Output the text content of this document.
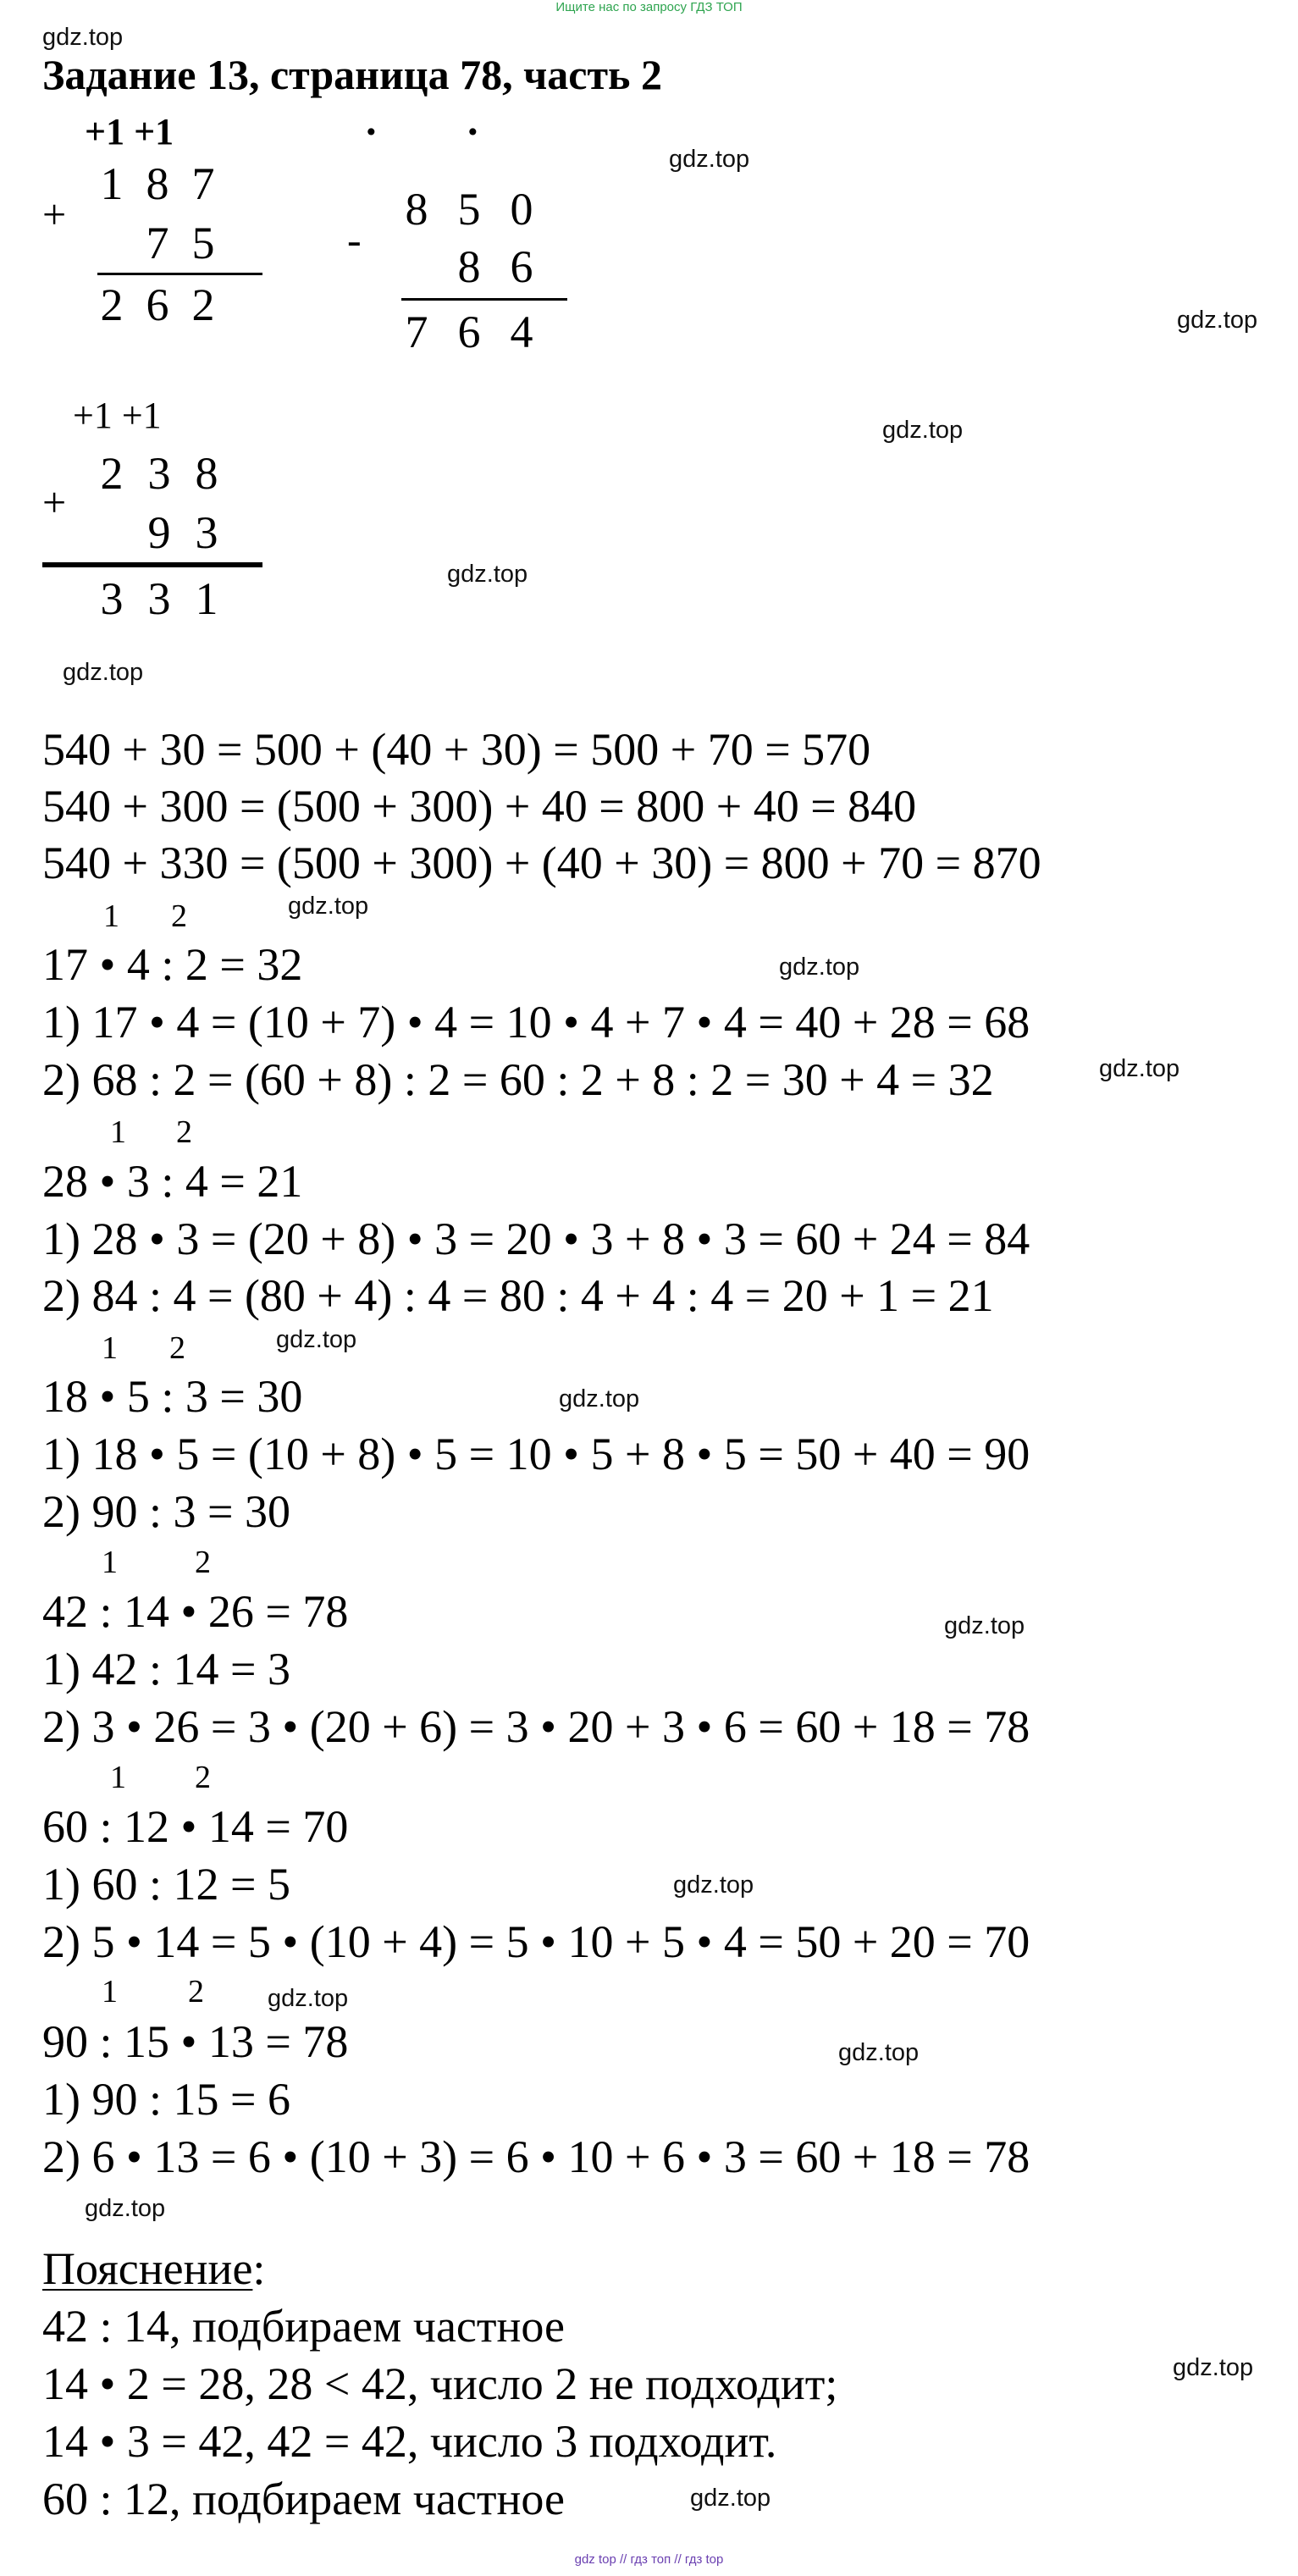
Ищите нас по запросу ГДЗ ТОП
gdz.top
gdz.top
gdz.top
gdz.top
gdz.top
gdz.top
gdz.top
gdz.top
gdz.top
gdz.top
gdz.top
gdz.top
gdz.top
gdz.top
gdz.top
gdz.top
gdz.top
gdz.top
Задание 13, страница 78, часть 2
+1 +1
+
1 8 7
7 5
2 6 2
· ·
-
8 5 0
8 6
7 6 4
+1 +1
+
2 3 8
9 3
3 3 1
540 + 30 = 500 + (40 + 30) = 500 + 70 = 570
540 + 300 = (500 + 300) + 40 = 800 + 40 = 840
540 + 330 = (500 + 300) + (40 + 30) = 800 + 70 = 870
1 2
17 • 4 : 2 = 32
1) 17 • 4 = (10 + 7) • 4 = 10 • 4 + 7 • 4 = 40 + 28 = 68
2) 68 : 2 = (60 + 8) : 2 = 60 : 2 + 8 : 2 = 30 + 4 = 32
1 2
28 • 3 : 4 = 21
1) 28 • 3 = (20 + 8) • 3 = 20 • 3 + 8 • 3 = 60 + 24 = 84
2) 84 : 4 = (80 + 4) : 4 = 80 : 4 + 4 : 4 = 20 + 1 = 21
1 2
18 • 5 : 3 = 30
1) 18 • 5 = (10 + 8) • 5 = 10 • 5 + 8 • 5 = 50 + 40 = 90
2) 90 : 3 = 30
1 2
42 : 14 • 26 = 78
1) 42 : 14 = 3
2) 3 • 26 = 3 • (20 + 6) = 3 • 20 + 3 • 6 = 60 + 18 = 78
1 2
60 : 12 • 14 = 70
1) 60 : 12 = 5
2) 5 • 14 = 5 • (10 + 4) = 5 • 10 + 5 • 4 = 50 + 20 = 70
1 2
90 : 15 • 13 = 78
1) 90 : 15 = 6
2) 6 • 13 = 6 • (10 + 3) = 6 • 10 + 6 • 3 = 60 + 18 = 78
Пояснение:
42 : 14, подбираем частное
14 • 2 = 28, 28 < 42, число 2 не подходит;
14 • 3 = 42, 42 = 42, число 3 подходит.
60 : 12, подбираем частное
gdz top // гдз топ // гдз top
